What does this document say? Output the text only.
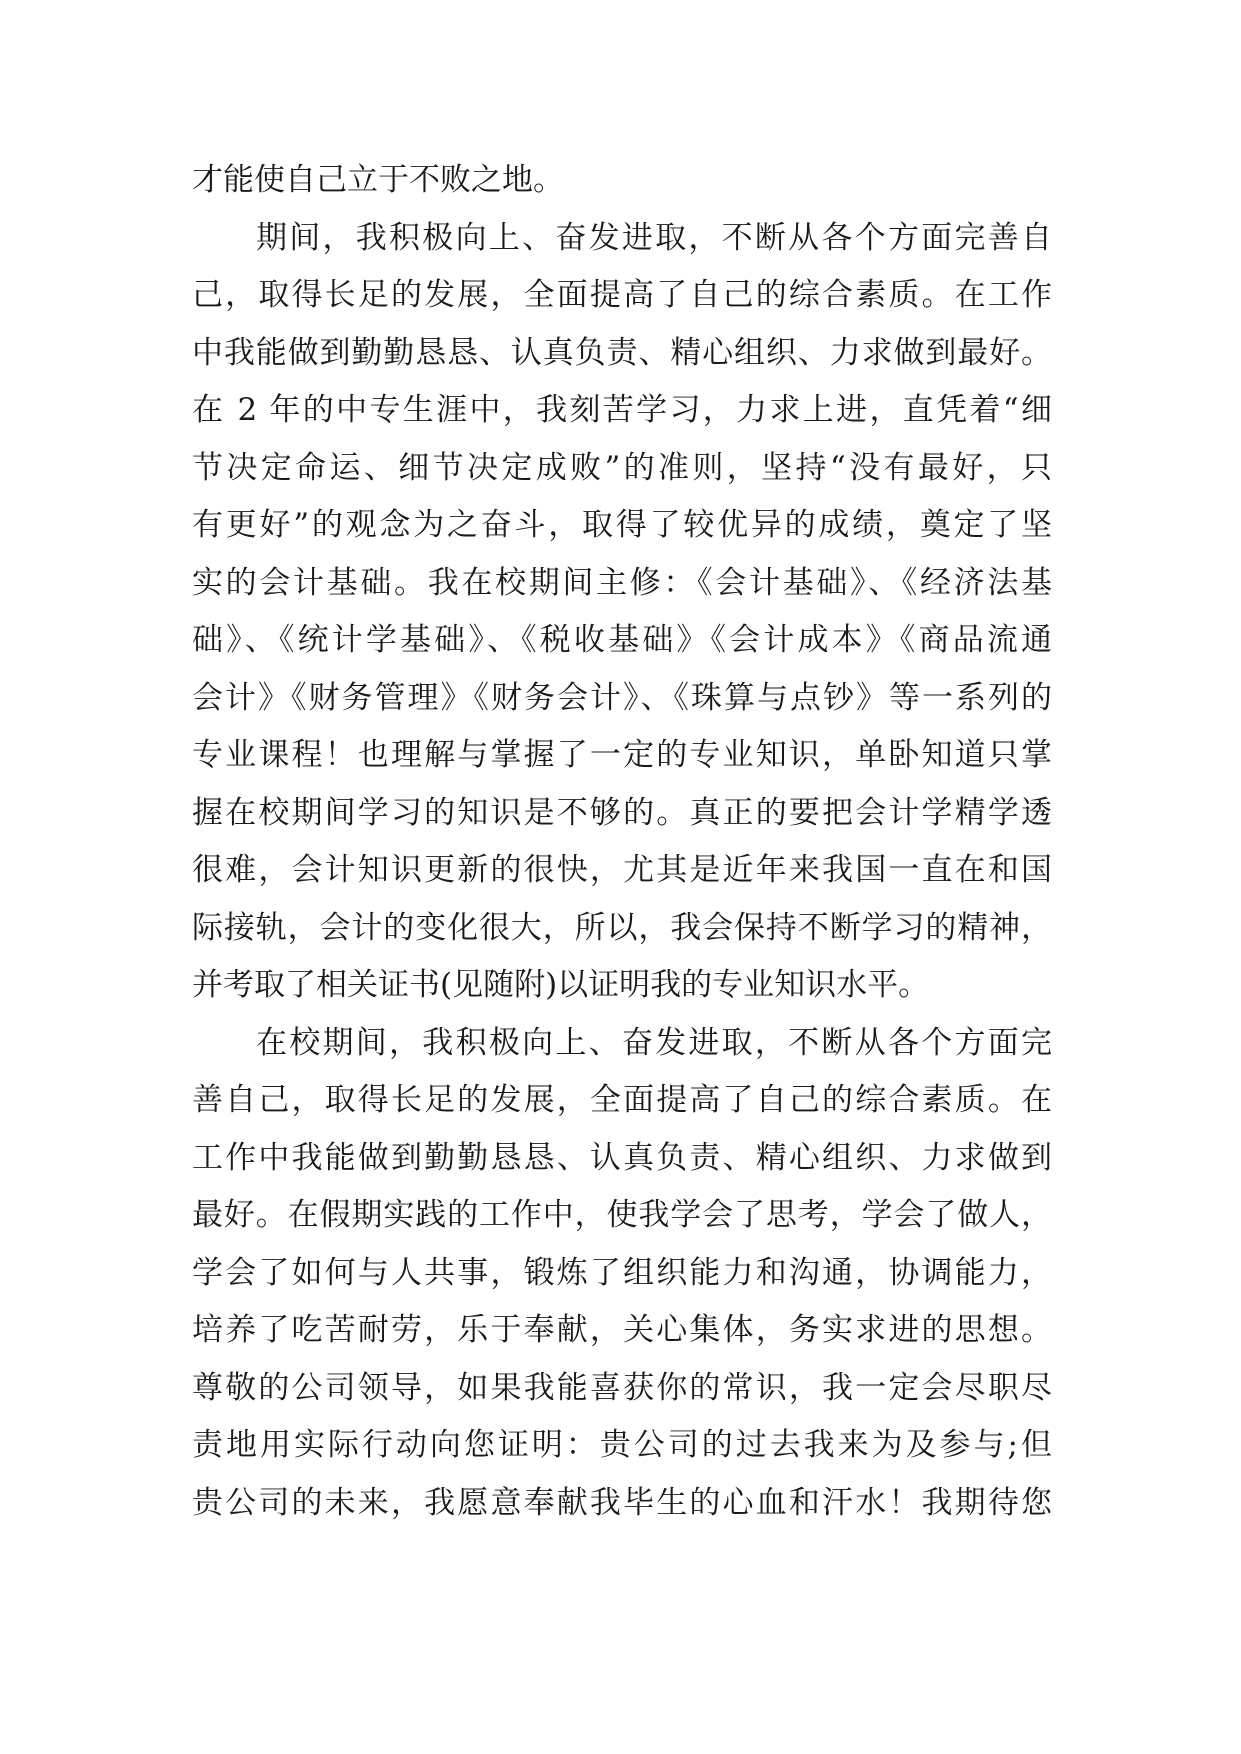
才能使自己立于不败之地。
期间，我积极向上、奋发进取，不断从各个方面完善自
己，取得长足的发展，全面提高了自己的综合素质。在工作
中我能做到勤勤恳恳、认真负责、精心组织、力求做到最好。
在 2 年的中专生涯中，我刻苦学习，力求上进，直凭着“细
节决定命运、细节决定成败”的准则，坚持“没有最好，只
有更好”的观念为之奋斗，取得了较优异的成绩，奠定了坚
实的会计基础。我在校期间主修：《会计基础》、《经济法基
础》、《统计学基础》、《税收基础》《会计成本》《商品流通
会计》《财务管理》《财务会计》、《珠算与点钞》等一系列的
专业课程！也理解与掌握了一定的专业知识，单卧知道只掌
握在校期间学习的知识是不够的。真正的要把会计学精学透
很难，会计知识更新的很快，尤其是近年来我国一直在和国
际接轨，会计的变化很大，所以，我会保持不断学习的精神，
并考取了相关证书(见随附)以证明我的专业知识水平。
在校期间，我积极向上、奋发进取，不断从各个方面完
善自己，取得长足的发展，全面提高了自己的综合素质。在
工作中我能做到勤勤恳恳、认真负责、精心组织、力求做到
最好。在假期实践的工作中，使我学会了思考，学会了做人，
学会了如何与人共事，锻炼了组织能力和沟通，协调能力，
培养了吃苦耐劳，乐于奉献，关心集体，务实求进的思想。
尊敬的公司领导，如果我能喜获你的常识，我一定会尽职尽
责地用实际行动向您证明：贵公司的过去我来为及参与;但
贵公司的未来，我愿意奉献我毕生的心血和汗水！我期待您
